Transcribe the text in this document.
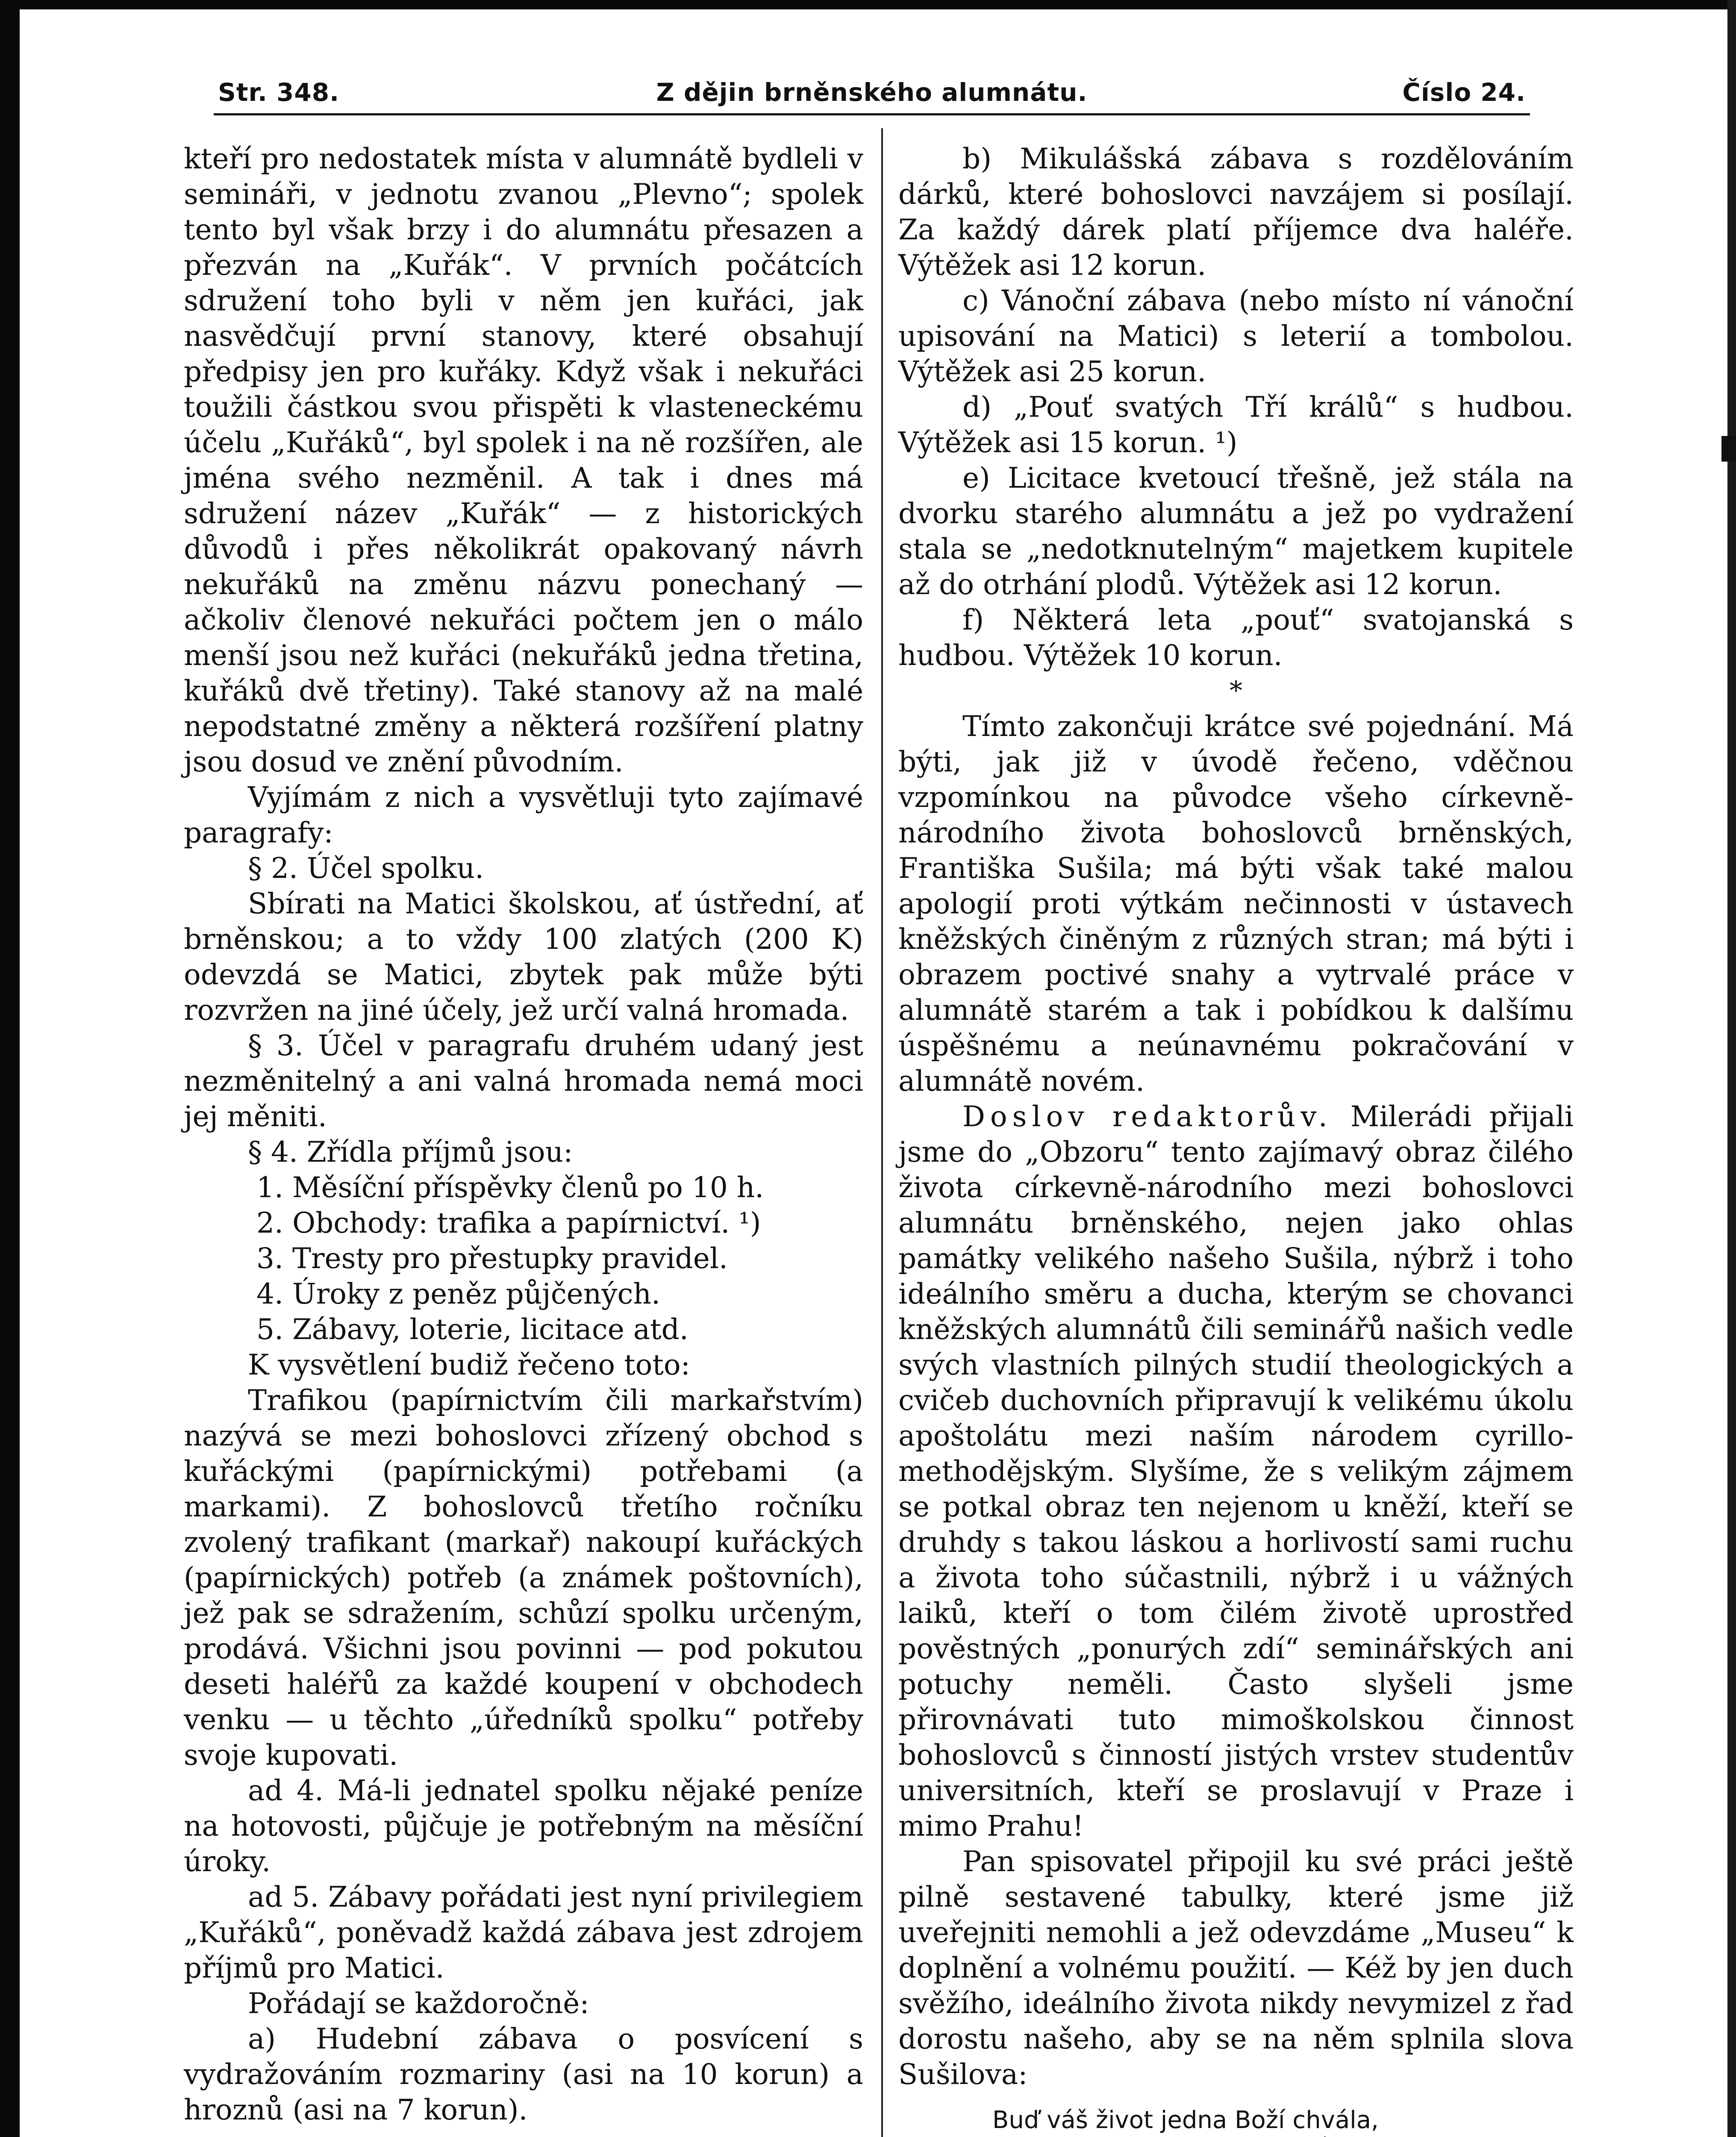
Str. 348.	Z dějin brněnského alumnátu.	Číslo 24.

kteří pro nedostatek místa v alumnátě bydleli v semináři, v jednotu zvanou „Plevno“; spolek tento byl však brzy i do alumnátu přesazen a přezván na „Kuřák“. V prvních počátcích sdružení toho byli v něm jen kuřáci, jak nasvědčují první stanovy, které obsahují předpisy jen pro kuřáky. Když však i nekuřáci toužili částkou svou přispěti k vlasteneckému účelu „Kuřáků“, byl spolek i na ně rozšířen, ale jména svého nezměnil. A tak i dnes má sdružení název „Kuřák“ — z historických důvodů i přes několikrát opakovaný návrh nekuřáků na změnu názvu ponechaný — ačkoliv členové nekuřáci počtem jen o málo menší jsou než kuřáci (nekuřáků jedna třetina, kuřáků dvě třetiny). Také stanovy až na malé nepodstatné změny a některá rozšíření platny jsou dosud ve znění původním.

Vyjímám z nich a vysvětluji tyto zajímavé paragrafy:

§ 2. Účel spolku.

Sbírati na Matici školskou, ať ústřední, ať brněnskou; a to vždy 100 zlatých (200 K) odevzdá se Matici, zbytek pak může býti rozvržen na jiné účely, jež určí valná hromada.

§ 3. Účel v paragrafu druhém udaný jest nezměnitelný a ani valná hromada nemá moci jej měniti.

§ 4. Zřídla příjmů jsou:

1. Měsíční příspěvky členů po 10 h.

2. Obchody: trafika a papírnictví. ¹)

3. Tresty pro přestupky pravidel.

4. Úroky z peněz půjčených.

5. Zábavy, loterie, licitace atd.

K vysvětlení budiž řečeno toto:

Trafikou (papírnictvím čili markařstvím) nazývá se mezi bohoslovci zřízený obchod s kuřáckými (papírnickými) potřebami (a markami). Z bohoslovců třetího ročníku zvolený trafikant (markař) nakoupí kuřáckých (papírnických) potřeb (a známek poštovních), jež pak se sdražením, schůzí spolku určeným, prodává. Všichni jsou povinni — pod pokutou deseti haléřů za každé koupení v obchodech venku — u těchto „úředníků spolku“ potřeby svoje kupovati.

ad 4. Má-li jednatel spolku nějaké peníze na hotovosti, půjčuje je potřebným na měsíční úroky.

ad 5. Zábavy pořádati jest nyní privilegiem „Kuřáků“, poněvadž každá zábava jest zdrojem příjmů pro Matici.

Pořádají se každoročně:

a) Hudební zábava o posvícení s vydražováním rozmariny (asi na 10 korun) a hroznů (asi na 7 korun).

b) Mikulášská zábava s rozdělováním dárků, které bohoslovci navzájem si posílají. Za každý dárek platí příjemce dva haléře. Výtěžek asi 12 korun.

c) Vánoční zábava (nebo místo ní vánoční upisování na Matici) s leterií a tombolou. Výtěžek asi 25 korun.

d) „Pouť svatých Tří králů“ s hudbou. Výtěžek asi 15 korun. ¹)

e) Licitace kvetoucí třešně, jež stála na dvorku starého alumnátu a jež po vydražení stala se „nedotknutelným“ majetkem kupitele až do otrhání plodů. Výtěžek asi 12 korun.

f) Některá leta „pouť“ svatojanská s hudbou. Výtěžek 10 korun.

*

Tímto zakončuji krátce své pojednání. Má býti, jak již v úvodě řečeno, vděčnou vzpomínkou na původce všeho církevně-národního života bohoslovců brněnských, Františka Sušila; má býti však také malou apologií proti výtkám nečinnosti v ústavech kněžských činěným z různých stran; má býti i obrazem poctivé snahy a vytrvalé práce v alumnátě starém a tak i pobídkou k dalšímu úspěšnému a neúnavnému pokračování v alumnátě novém.

Doslov redaktorův. Milerádi přijali jsme do „Obzoru“ tento zajímavý obraz čilého života církevně-národního mezi bohoslovci alumnátu brněnského, nejen jako ohlas památky velikého našeho Sušila, nýbrž i toho ideálního směru a ducha, kterým se chovanci kněžských alumnátů čili seminářů našich vedle svých vlastních pilných studií theologických a cvičeb duchovních připravují k velikému úkolu apoštolátu mezi naším národem cyrillo-methodějským. Slyšíme, že s velikým zájmem se potkal obraz ten nejenom u kněží, kteří se druhdy s takou láskou a horlivostí sami ruchu a života toho súčastnili, nýbrž i u vážných laiků, kteří o tom čilém životě uprostřed pověstných „ponurých zdí“ seminářských ani potuchy neměli. Často slyšeli jsme přirovnávati tuto mimoškolskou činnost bohoslovců s činností jistých vrstev studentův universitních, kteří se proslavují v Praze i mimo Prahu!

Pan spisovatel připojil ku své práci ještě pilně sestavené tabulky, které jsme již uveřejniti nemohli a jež odevzdáme „Museu“ k doplnění a volnému použití. — Kéž by jen duch svěžího, ideálního života nikdy nevymizel z řad dorostu našeho, aby se na něm splnila slova Sušilova:

Buď váš život jedna Boží chvála,
